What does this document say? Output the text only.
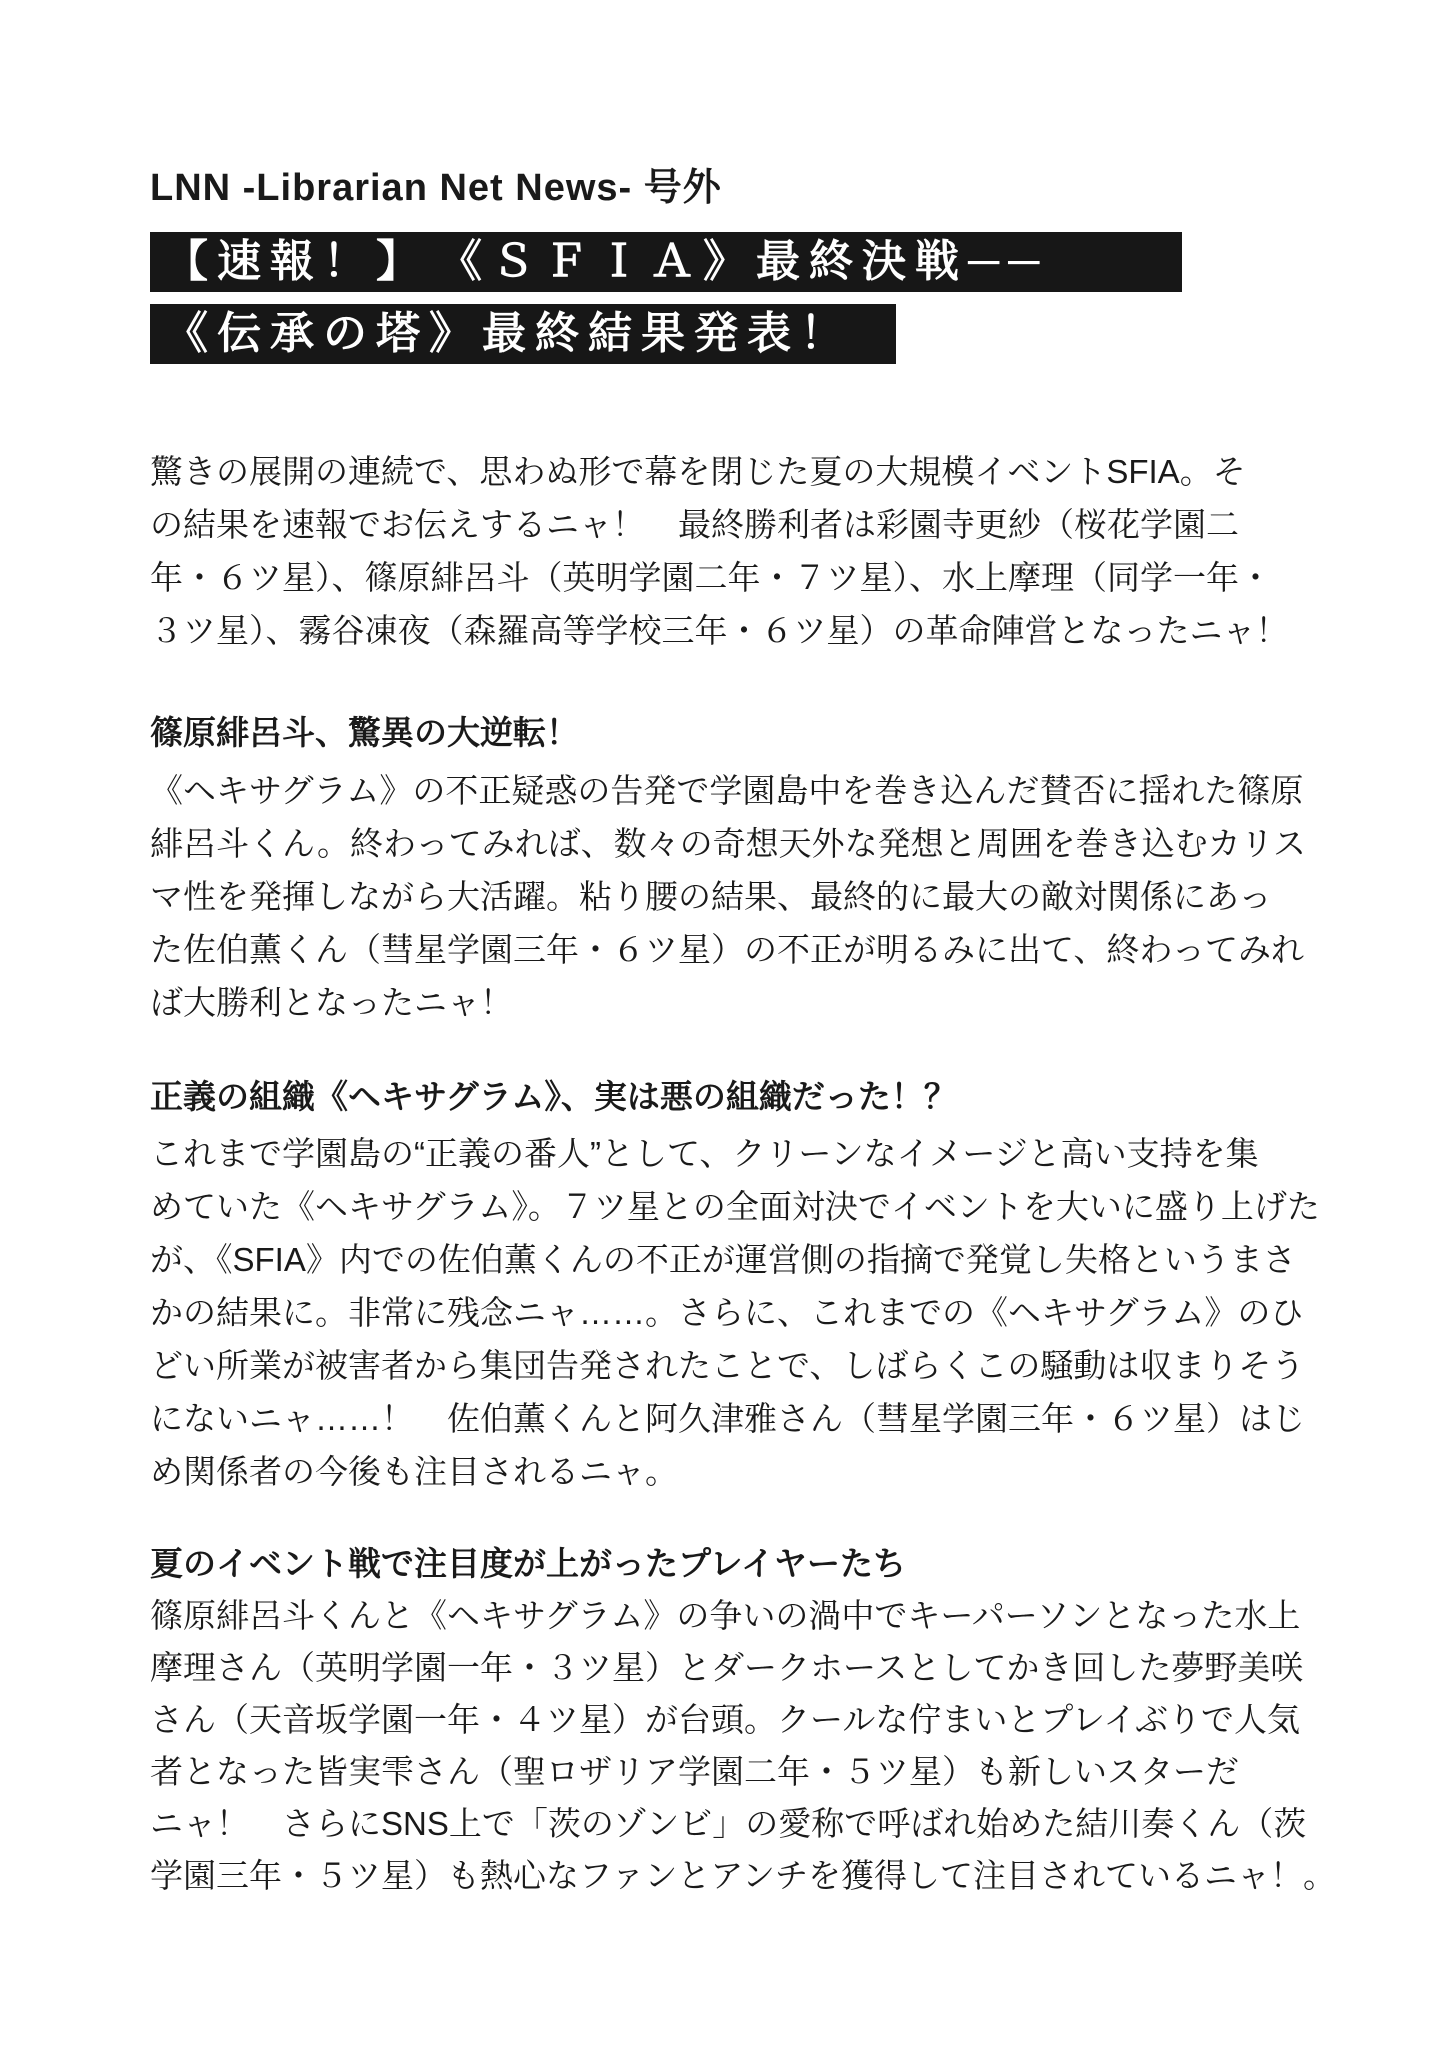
LNN -Librarian Net News- 号外
【速報！】　《ＳＦＩＡ》最終決戦──
《伝承の塔》最終結果発表！
驚きの展開の連続で、思わぬ形で幕を閉じた夏の大規模イベントSFIA。そ
の結果を速報でお伝えするニャ！　最終勝利者は彩園寺更紗（桜花学園二
年・６ツ星）、篠原緋呂斗（英明学園二年・７ツ星）、水上摩理（同学一年・
３ツ星）、霧谷凍夜（森羅高等学校三年・６ツ星）の革命陣営となったニャ！
篠原緋呂斗、驚異の大逆転！
《ヘキサグラム》の不正疑惑の告発で学園島中を巻き込んだ賛否に揺れた篠原
緋呂斗くん。終わってみれば、数々の奇想天外な発想と周囲を巻き込むカリス
マ性を発揮しながら大活躍。粘り腰の結果、最終的に最大の敵対関係にあっ
た佐伯薫くん（彗星学園三年・６ツ星）の不正が明るみに出て、終わってみれ
ば大勝利となったニャ！
正義の組織《ヘキサグラム》、実は悪の組織だった！？
これまで学園島の“正義の番人”として、クリーンなイメージと高い支持を集
めていた《ヘキサグラム》。７ツ星との全面対決でイベントを大いに盛り上げた
が、《SFIA》内での佐伯薫くんの不正が運営側の指摘で発覚し失格というまさ
かの結果に。非常に残念ニャ……。さらに、これまでの《ヘキサグラム》のひ
どい所業が被害者から集団告発されたことで、しばらくこの騒動は収まりそう
にないニャ……！　佐伯薫くんと阿久津雅さん（彗星学園三年・６ツ星）はじ
め関係者の今後も注目されるニャ。
夏のイベント戦で注目度が上がったプレイヤーたち
篠原緋呂斗くんと《ヘキサグラム》の争いの渦中でキーパーソンとなった水上
摩理さん（英明学園一年・３ツ星）とダークホースとしてかき回した夢野美咲
さん（天音坂学園一年・４ツ星）が台頭。クールな佇まいとプレイぶりで人気
者となった皆実雫さん（聖ロザリア学園二年・５ツ星）も新しいスターだ
ニャ！　さらにSNS上で「茨のゾンビ」の愛称で呼ばれ始めた結川奏くん（茨
学園三年・５ツ星）も熱心なファンとアンチを獲得して注目されているニャ！。
